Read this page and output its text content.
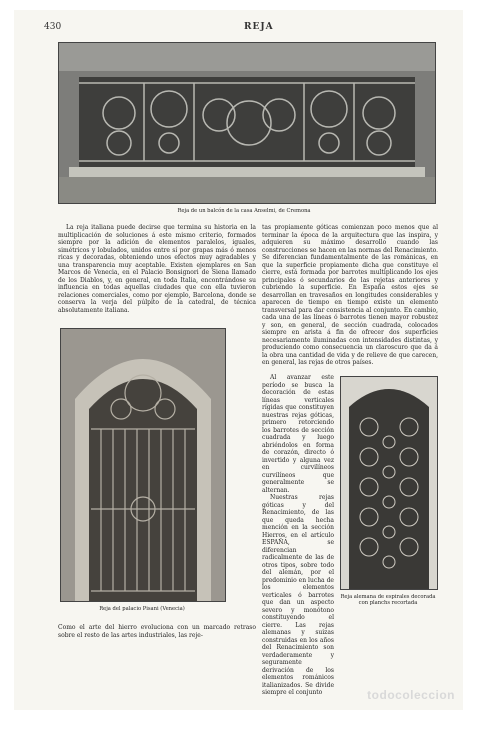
430	REJA
Reja de un balcón de la casa Anselmi, de Cremona

La reja italiana puede decirse que termina su historia en la multiplicación de soluciones á este mismo criterio, formados siempre por la adición de elementos paralelos, iguales, simétricos y lobulados, unidos entre sí por grapas más ó menos ricas y decoradas, obteniendo unos efectos muy agradables y una transparencia muy aceptable. Existen ejemplares en San Marcos de Venecia, en el Palacio Bonsignori de Siena llamado de los Diablos, y, en general, en toda Italia, encontrándose su influencia en todas aquellas ciudades que con ella tuvieron relaciones comerciales, como por ejemplo, Barcelona, donde se conserva la verja del púlpito de la catedral, de técnica absolutamente italiana.

Reja del palacio Pisani (Venecia)

Como el arte del hierro evoluciona con un marcado retraso sobre el resto de las artes industriales, las reje-

tas propiamente góticas comienzan poco menos que al terminar la época de la arquitectura que las inspira, y adquieren su máximo desarrollo cuando las construcciones se hacen en las normas del Renacimiento. Se diferencian fundamentalmente de las románicas, en que la superficie propiamente dicha que constituye el cierre, está formada por barrotes multiplicando los ejes principales ó secundarios de las rejetas anteriores y cubriendo la superficie. En España estos ejes se desarrollan en travesaños en longitudes considerables y aparecen de tiempo en tiempo existe un elemento transversal para dar consistencia al conjunto. En cambio, cada una de las líneas ó barrotes tienen mayor robustez y son, en general, de sección cuadrada, colocados siempre en arista á fin de ofrecer dos superficies necesariamente iluminadas con intensidades distintas, y produciendo como consecuencia un claroscuro que da á la obra una cantidad de vida y de relieve de que carecen, en general, las rejas de otros países.

Al avanzar este período se busca la decoración de estas líneas verticales rígidas que constituyen nuestras rejas góticas, primero retorciendo los barrotes de sección cuadrada y luego abriéndolos en forma de corazón, directo ó invertido y alguna vez en curvilíneos curvilíneos que generalmente se alternan.

Nuestras rejas góticas y del Renacimiento, de las que queda hecha mención en la sección Hierros, en el artículo ESPAÑA, se diferencian radicalmente de las de otros tipos, sobre todo del alemán, por el predominio en lucha de los elementos verticales ó barrotes que dan un aspecto severo y monótono constituyendo el cierre. Las rejas alemanas y suizas construidas en los años del Renacimiento son verdaderamente y seguramente derivación de los elementos románicos italianizados. Se divide siempre el conjunto

Reja alemana de espirales decorada con planchs recortada
todocoleccion
